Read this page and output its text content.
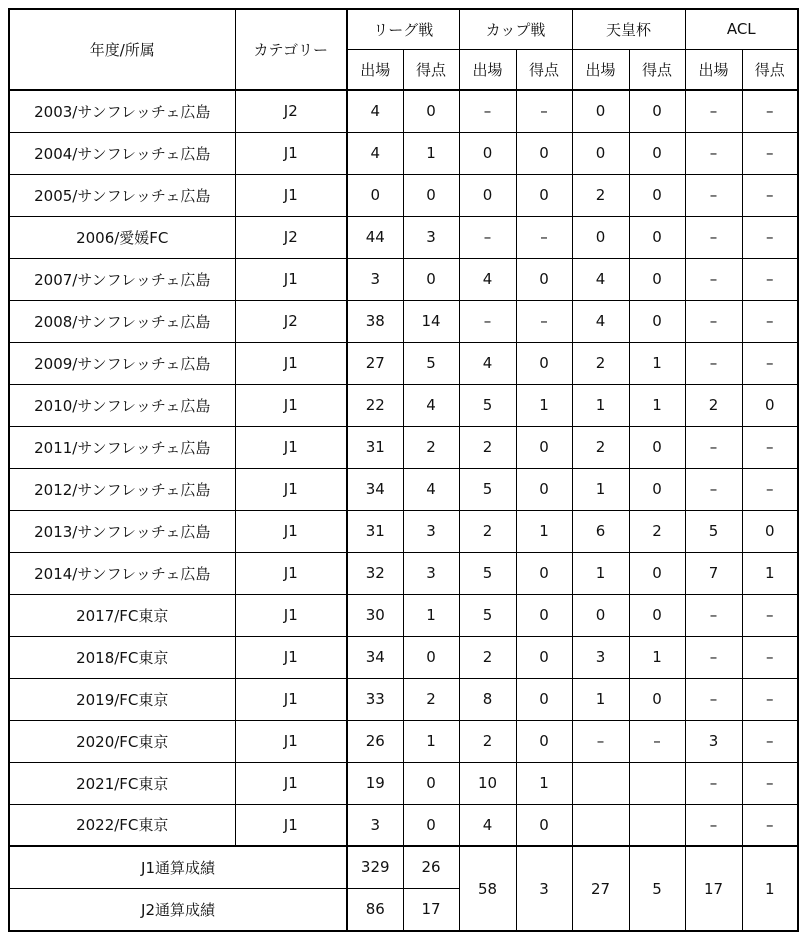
年度/所属	カテゴリー	リーグ戦		カップ戦		天皇杯		ACL	
		出場	得点	出場	得点	出場	得点	出場	得点
2003/サンフレッチェ広島	J2	4	0	–	–	0	0	–	–
2004/サンフレッチェ広島	J1	4	1	0	0	0	0	–	–
2005/サンフレッチェ広島	J1	0	0	0	0	2	0	–	–
2006/愛媛FC	J2	44	3	–	–	0	0	–	–
2007/サンフレッチェ広島	J1	3	0	4	0	4	0	–	–
2008/サンフレッチェ広島	J2	38	14	–	–	4	0	–	–
2009/サンフレッチェ広島	J1	27	5	4	0	2	1	–	–
2010/サンフレッチェ広島	J1	22	4	5	1	1	1	2	0
2011/サンフレッチェ広島	J1	31	2	2	0	2	0	–	–
2012/サンフレッチェ広島	J1	34	4	5	0	1	0	–	–
2013/サンフレッチェ広島	J1	31	3	2	1	6	2	5	0
2014/サンフレッチェ広島	J1	32	3	5	0	1	0	7	1
2017/FC東京	J1	30	1	5	0	0	0	–	–
2018/FC東京	J1	34	0	2	0	3	1	–	–
2019/FC東京	J1	33	2	8	0	1	0	–	–
2020/FC東京	J1	26	1	2	0	–	–	3	–
2021/FC東京	J1	19	0	10	1			–	–
2022/FC東京	J1	3	0	4	0			–	–
J1通算成績		329	26	58	3	27	5	17	1
J2通算成績		86	17						
